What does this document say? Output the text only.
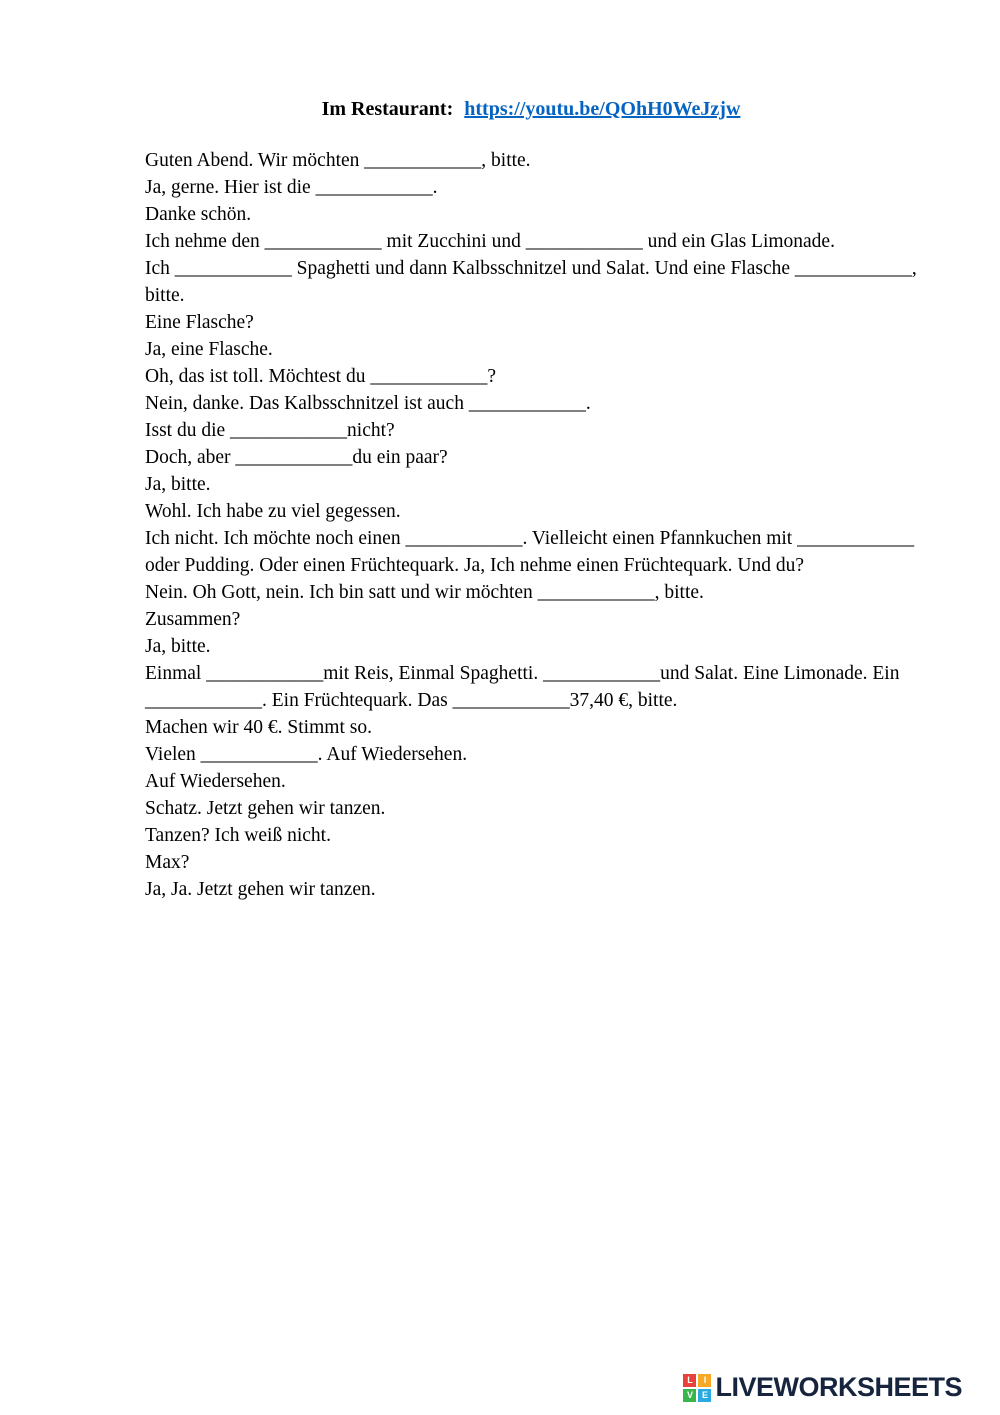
Im Restaurant: https://youtu.be/QOhH0WeJzjw
Guten Abend. Wir möchten ____________, bitte.
Ja, gerne. Hier ist die ____________.
Danke schön.
Ich nehme den ____________ mit Zucchini und ____________ und ein Glas Limonade.
Ich ____________ Spaghetti und dann Kalbsschnitzel und Salat. Und eine Flasche ____________, bitte.
Eine Flasche?
Ja, eine Flasche.
Oh, das ist toll. Möchtest du ____________?
Nein, danke. Das Kalbsschnitzel ist auch ____________.
Isst du die ____________nicht?
Doch, aber ____________du ein paar?
Ja, bitte.
Wohl. Ich habe zu viel gegessen.
Ich nicht. Ich möchte noch einen ____________. Vielleicht einen Pfannkuchen mit ____________ oder Pudding. Oder einen Früchtequark. Ja, Ich nehme einen Früchtequark. Und du?
Nein. Oh Gott, nein. Ich bin satt und wir möchten ____________, bitte.
Zusammen?
Ja, bitte.
Einmal ____________mit Reis, Einmal Spaghetti. ____________und Salat. Eine Limonade. Ein ____________. Ein Früchtequark. Das ____________37,40 €, bitte.
Machen wir 40 €. Stimmt so.
Vielen ____________. Auf Wiedersehen.
Auf Wiedersehen.
Schatz. Jetzt gehen wir tanzen.
Tanzen? Ich weiß nicht.
Max?
Ja, Ja. Jetzt gehen wir tanzen.
L	I
V E LIVEWORKSHEETS
